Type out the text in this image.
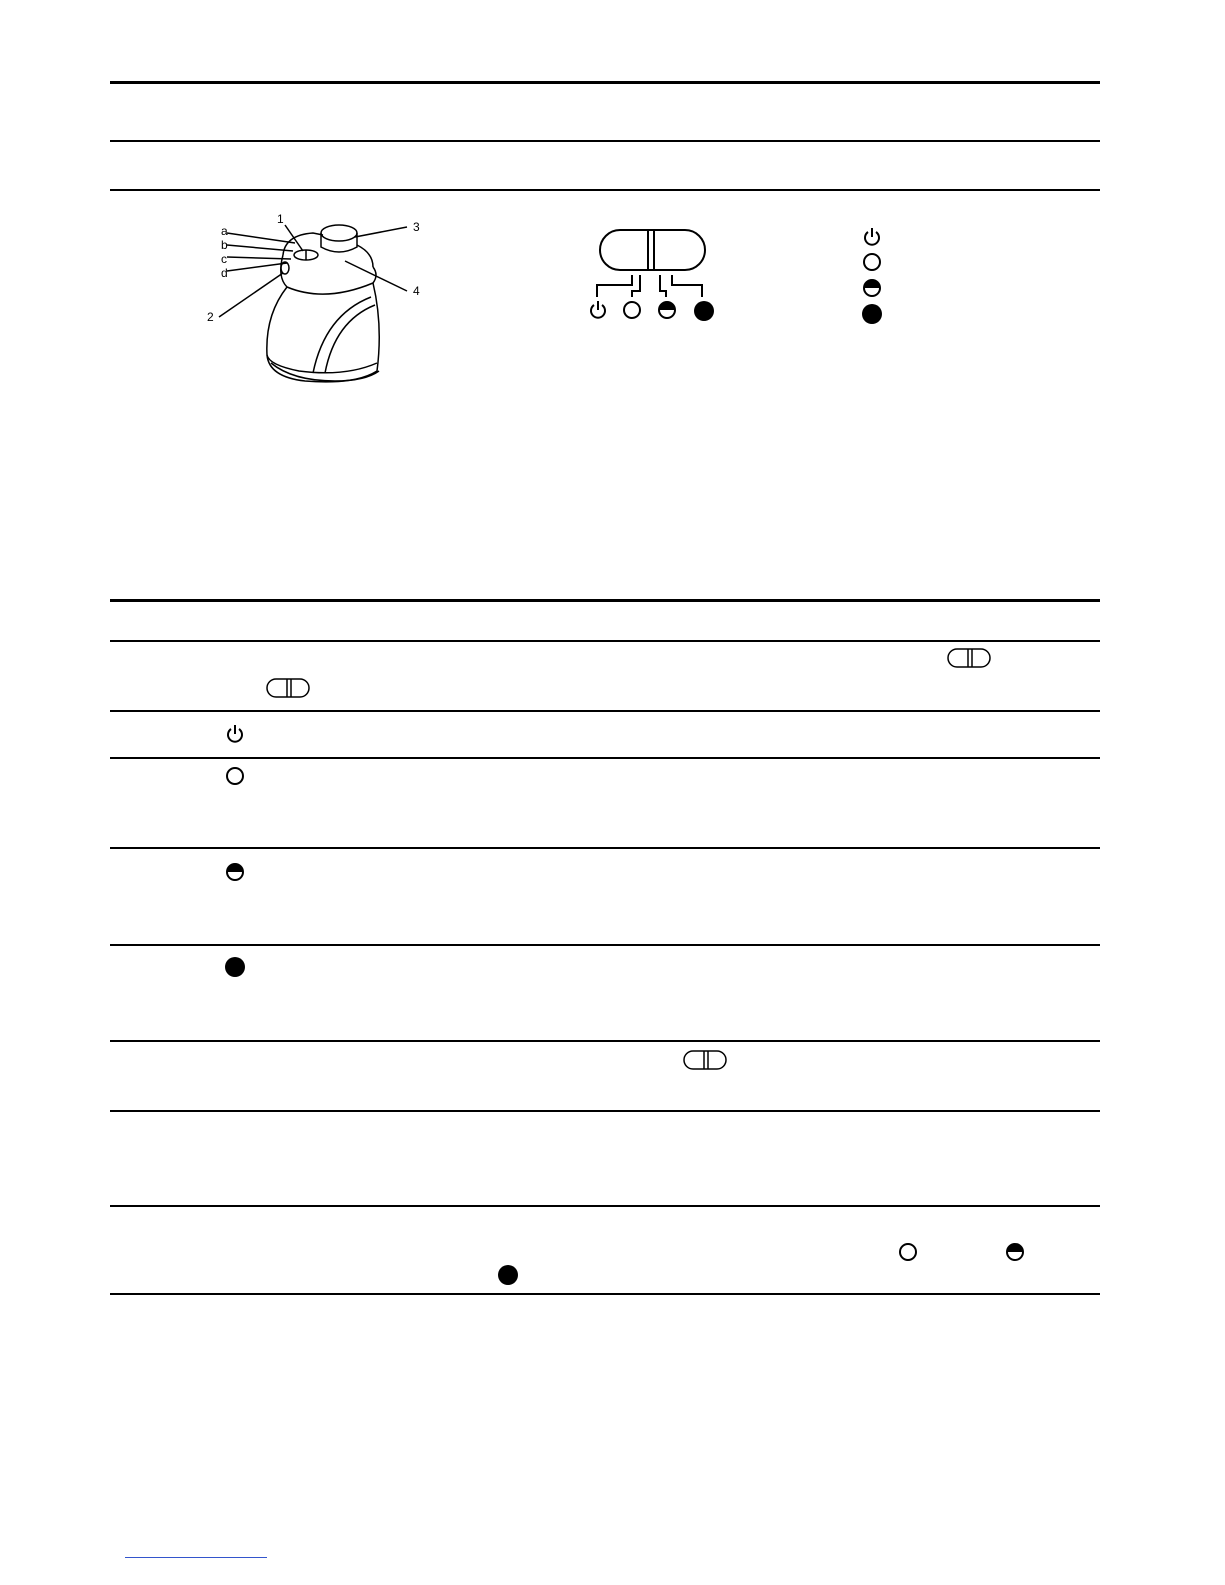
a
b
c
d
1
2
3
4
